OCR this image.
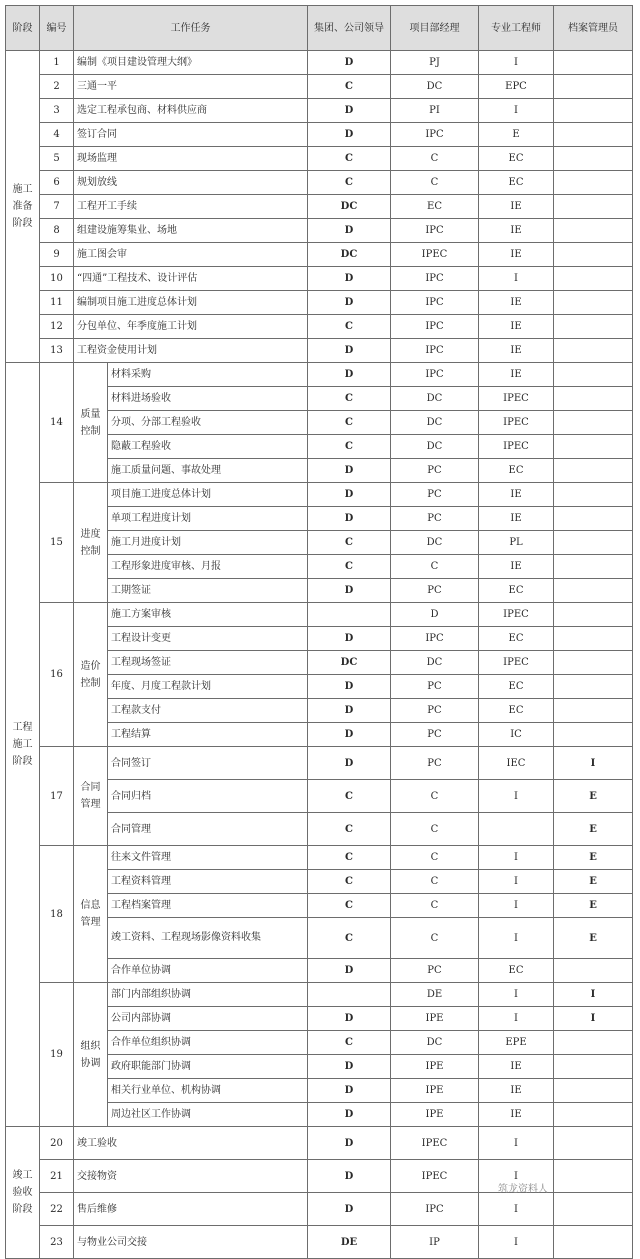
阶段	编号	工作任务		集团、公司领导	项目部经理	专业工程师	档案管理员
施工准备阶段	1	编制《项目建设管理大纲》		D	PJ	I	
	2	三通一平		C	DC	EPC	
	3	选定工程承包商、材料供应商		D	PI	I	
	4	签订合同		D	IPC	E	
	5	现场监理		C	C	EC	
	6	规划放线		C	C	EC	
	7	工程开工手续		DC	EC	IE	
	8	组建设施筹集业、场地		D	IPC	IE	
	9	施工图会审		DC	IPEC	IE	
	10	“四通”工程技术、设计评估		D	IPC	I	
	11	编制项目施工进度总体计划		D	IPC	IE	
	12	分包单位、年季度施工计划		C	IPC	IE	
	13	工程资金使用计划		D	IPC	IE	
工程施工阶段	14	质量控制	材料采购	D	IPC	IE	
			材料进场验收	C	DC	IPEC	
			分项、分部工程验收	C	DC	IPEC	
			隐蔽工程验收	C	DC	IPEC	
			施工质量问题、事故处理	D	PC	EC	
	15	进度控制	项目施工进度总体计划	D	PC	IE	
			单项工程进度计划	D	PC	IE	
			施工月进度计划	C	DC	PL	
			工程形象进度审核、月报	C	C	IE	
			工期签证	D	PC	EC	
	16	造价控制	施工方案审核		D	IPEC	
			工程设计变更	D	IPC	EC	
			工程现场签证	DC	DC	IPEC	
			年度、月度工程款计划	D	PC	EC	
			工程款支付	D	PC	EC	
			工程结算	D	PC	IC	
	17	合同管理	合同签订	D	PC	IEC	I
			合同归档	C	C	I	E
			合同管理	C	C		E
	18	信息管理	往来文件管理	C	C	I	E
			工程资料管理	C	C	I	E
			工程档案管理	C	C	I	E
			竣工资料、工程现场影像资料收集	C	C	I	E
			合作单位协调	D	PC	EC	
	19	组织协调	部门内部组织协调		DE	I	I
			公司内部协调	D	IPE	I	I
			合作单位组织协调	C	DC	EPE	
			政府职能部门协调	D	IPE	IE	
			相关行业单位、机构协调	D	IPE	IE	
			周边社区工作协调	D	IPE	IE	
竣工验收阶段	20	竣工验收		D	IPEC	I	
	21	交接物资		D	IPEC	I	
	22	售后维修		D	IPC	I	
	23	与物业公司交接		DE	IP	I	
筑龙资料人
